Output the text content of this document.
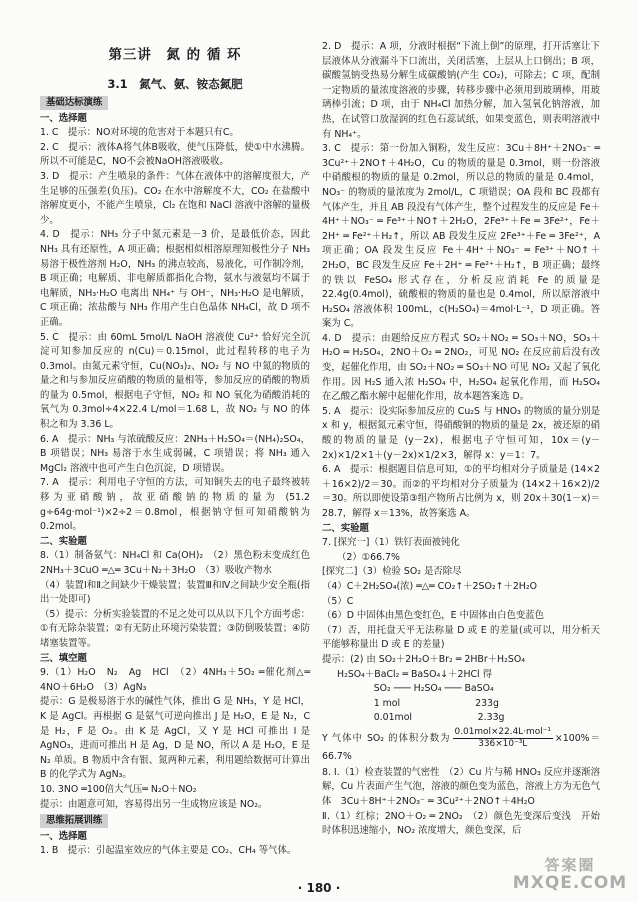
第三讲　氮 的 循 环
3.1　氮气、氨、铵态氮肥
基础达标演练
一、选择题
1. C　提示：NO对环境的危害对于本题只有C。
2. C　提示：液体A将气体B吸收，使气压降低，使①中水沸腾。所以不可能是C，NO不会被NaOH溶液吸收。
3. D　提示：产生喷泉的条件：气体在液体中的溶解度很大，产生足够的压强差(负压)。CO₂ 在水中溶解度不大，CO₂ 在盐酸中溶解度更小，不能产生喷泉，Cl₂ 在饱和 NaCl 溶液中溶解的量极少。
4. D　提示：NH₃ 分子中氮元素是－3 价，是最低价态，因此 NH₃ 具有还原性，A 项正确；根据相似相溶原理知极性分子 NH₃ 易溶于极性溶剂 H₂O，NH₃ 的沸点较高，易液化，可作制冷剂，B 项正确；电解质、非电解质都指化合物，氨水与液氨均不属于电解质，NH₃·H₂O 电离出 NH₄⁺ 与 OH⁻，NH₃·H₂O 是电解质，C 项正确；浓盐酸与 NH₃ 作用产生白色晶体 NH₄Cl，故 D 项不正确。
5. C　提示：由 60mL 5mol/L NaOH 溶液使 Cu²⁺ 恰好完全沉淀可知参加反应的 n(Cu)＝0.15mol，此过程转移的电子为 0.3mol。由氮元素守恒，Cu(NO₃)₂、NO₂ 与 NO 中氮的物质的量之和与参加反应硝酸的物质的量相等，参加反应的硝酸的物质的量为 0.5mol，根据电子守恒，NO₂ 和 NO 氧化为硝酸消耗的氧气为 0.3mol÷4×22.4 L/mol＝1.68 L，故 NO₂ 与 NO 的体积之和为 3.36 L。
6. A　提示：NH₃ 与浓硫酸反应：2NH₃＋H₂SO₄＝(NH₄)₂SO₄，B 项错误；NH₃ 易溶于水生成弱碱，C 项错误；将 NH₃ 通入 MgCl₂ 溶液中也可产生白色沉淀，D 项错误。
7. A　提示：利用电子守恒的方法，可知铜失去的电子最终被转移为亚硝酸钠，故亚硝酸钠的物质的量为 (51.2 g÷64g·mol⁻¹)×2÷2＝0.8mol，根据钠守恒可知硝酸钠为 0.2mol。
二、实验题
8.（1）制备氨气：NH₄Cl 和 Ca(OH)₂　（2）黑色粉末变成红色　2NH₃＋3CuO ═△═ 3Cu＋N₂＋3H₂O　（3）吸收产物水
（4）装置Ⅰ和Ⅱ之间缺少干燥装置；装置Ⅲ和Ⅳ之间缺少安全瓶(指出一处即可)
（5）提示：分析实验装置的不足之处可以从以下几个方面考虑：①有无除杂装置；②有无防止环境污染装置；③防倒吸装置；④防堵塞装置等。
三、填空题
9.（1）H₂O　N₂　Ag　HCl　（2）4NH₃＋5O₂ ═催化剂△═ 4NO＋6H₂O　（3）AgN₃
提示：G 是极易溶于水的碱性气体，推出 G 是 NH₃，Y 是 HCl，K 是 AgCl。再根据 G 是氨气可逆向推出 J 是 H₂O，E 是 N₂，C 是 H₂，F 是 O₂。由 K 是 AgCl，又 Y 是 HCl 可推出 I 是 AgNO₃，进而可推出 H 是 Ag，D 是 NO，所以 A 是 H₂O，E 是 N₂ 单质。B 物质中含有银、氮两种元素，利用题给数据可计算出 B 的化学式为 AgN₃。
10. 3NO ═100倍大气压═ N₂O＋NO₂
提示：由题意可知，容易得出另一生成物应该是 NO₂。
思维拓展训练
一、选择题
1. B　提示：引起温室效应的气体主要是 CO₂、CH₄ 等气体。
2. D　提示：A 项，分液时根据“下流上倒”的原理，打开活塞让下层液体从分液漏斗下口流出，关闭活塞，上层从上口倒出；B 项，碳酸氢钠受热易分解生成碳酸钠(产生 CO₂)，可除去；C 项，配制一定物质的量浓度溶液的步骤，转移步骤中必须用到玻璃棒，用玻璃棒引流；D 项，由于 NH₄Cl 加热分解，加入氢氧化钠溶液，加热，在试管口放湿润的红色石蕊试纸，如果变蓝色，则表明溶液中有 NH₄⁺。
3. C　提示：第一份加入铜粉，发生反应：3Cu＋8H⁺＋2NO₃⁻ ═ 3Cu²⁺＋2NO↑＋4H₂O，Cu 的物质的量是 0.3mol，则一份溶液中硝酸根的物质的量是 0.2mol，所以总的物质的量是 0.4mol，NO₃⁻ 的物质的量浓度为 2mol/L，C 项错误；OA 段和 BC 段都有气体产生，并且 AB 段没有气体产生，整个过程发生的反应是 Fe＋4H⁺＋NO₃⁻ ═ Fe³⁺＋NO↑＋2H₂O，2Fe³⁺＋Fe ═ 3Fe²⁺，Fe＋2H⁺ ═ Fe²⁺＋H₂↑，所以 AB 段发生反应 2Fe³⁺＋Fe ═ 3Fe²⁺，A 项正确；OA 段发生反应 Fe＋4H⁺＋NO₃⁻ ═ Fe³⁺＋NO↑＋2H₂O，BC 段发生反应 Fe＋2H⁺ ═ Fe²⁺＋H₂↑，B 项正确；最终的铁以 FeSO₄ 形式存在，分析反应消耗 Fe 的质量是 22.4g(0.4mol)，硫酸根的物质的量也是 0.4mol，所以原溶液中 H₂SO₄ 溶液体积 100mL，c(H₂SO₄)＝4mol·L⁻¹，D 项正确。答案为 C。
4. D　提示：由题给反应方程式 SO₂＋NO₂ ═ SO₃＋NO，SO₃＋H₂O ═ H₂SO₄，2NO＋O₂ ═ 2NO₂，可见 NO₂ 在反应前后没有改变，起催化作用，由 SO₂＋NO₂ ═ SO₃＋NO 可见 NO₂ 又起了氧化作用。因 H₂S 通入浓 H₂SO₄ 中，H₂SO₄ 起氧化作用，而 H₂SO₄ 在乙酸乙酯水解中起催化作用，故本题答案选 D。
5. A　提示：设实际参加反应的 Cu₂S 与 HNO₃ 的物质的量分别是 x 和 y，根据氮元素守恒，得硝酸铜的物质的量是 2x，被还原的硝酸的物质的量是 (y－2x)，根据电子守恒可知，10x＝(y－2x)×1/2×1＋(y－2x)×1/2×3，解得 x：y＝1：7。
6. A　提示：根据题目信息可知，①的平均相对分子质量是 (14×2＋16×2)/2＝30。而②的平均相对分子质量为 (14×2＋16×2)/2＝30。所以即使设第③组产物所占比例为 x，则 20x＋30(1－x)＝28.7，解得 x＝13%，故答案选 A。
二、实验题
7. [探究一]（1）铁钉表面被钝化
（2）①66.7%
[探究二]（3）检验 SO₂ 是否除尽
（4）C＋2H₂SO₄(浓) ═△═ CO₂↑＋2SO₂↑＋2H₂O
（5）C
（6）D 中固体由黑色变红色，E 中固体由白色变蓝色
（7）否，用托盘天平无法称量 D 或 E 的差量(或可以，用分析天平能够称量出 D 或 E 的差量)
提示：(2) 由 SO₂＋2H₂O＋Br₂ ═ 2HBr＋H₂SO₄
H₂SO₄＋BaCl₂ ═ BaSO₄↓＋2HCl 得
SO₂ ─── H₂SO₄ ─── BaSO₄
1 mol　　　　　　　　233g
0.01mol　　　　　　　2.33g
Y 气体中 SO₂ 的体积分数为 $\frac{\text{0.01mol×22.4L·mol⁻¹}}{\text{336×10⁻³L}} \times 100\%=66.7\%$
8. Ⅰ.（1）检查装置的气密性　（2）Cu 片与稀 HNO₃ 反应并逐渐溶解，Cu 片表面产生气泡，溶液的颜色变为蓝色，溶液上方为无色气体　3Cu＋8H⁺＋2NO₃⁻ ═ 3Cu²⁺＋2NO↑＋4H₂O
Ⅱ.（1）红棕；2NO＋O₂ ═ 2NO₂　（2）颜色先变深后变浅　开始时体积迅速缩小，NO₂ 浓度增大，颜色变深，后
· 180 ·
答案圈
MXQE.COM
